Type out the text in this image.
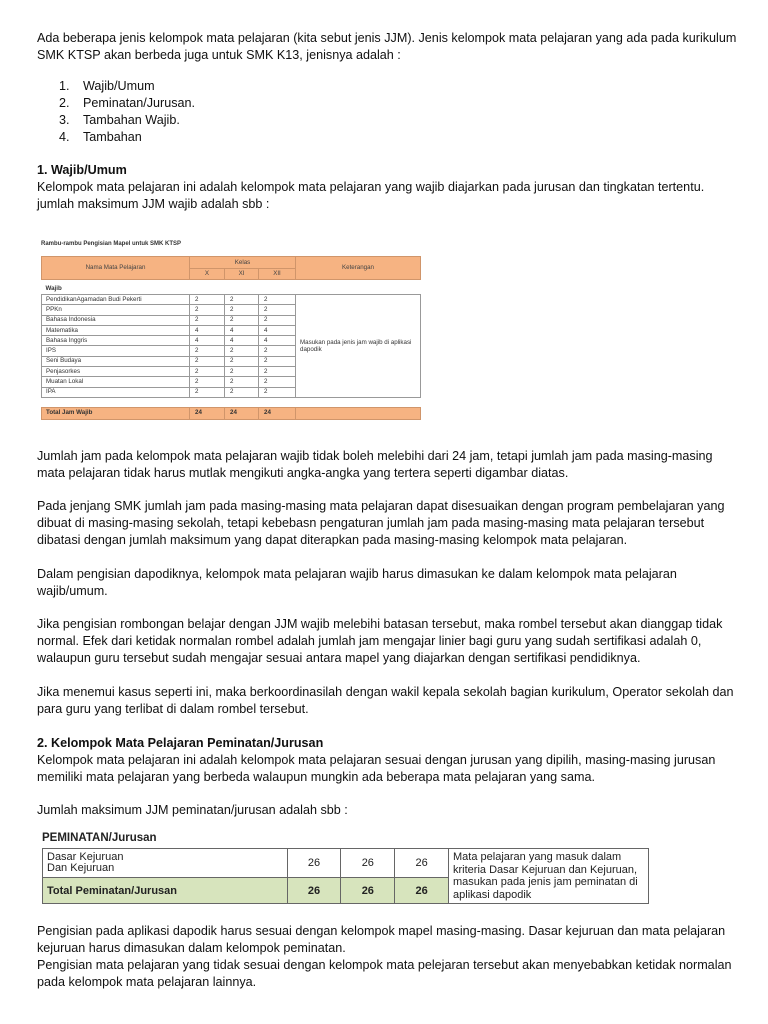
Ada beberapa jenis kelompok mata pelajaran (kita sebut jenis JJM). Jenis kelompok mata pelajaran yang ada pada kurikulum SMK KTSP akan berbeda juga untuk SMK K13, jenisnya adalah :

1.	Wajib/Umum
2.	Peminatan/Jurusan.
3.	Tambahan Wajib.
4.	Tambahan

1. Wajib/Umum

Kelompok mata pelajaran ini adalah kelompok mata pelajaran yang wajib diajarkan pada jurusan dan tingkatan tertentu. jumlah maksimum JJM wajib adalah sbb :

Rambu-rambu Pengisian Mapel untuk SMK KTSP
Nama Mata Pelajaran	Kelas			Keterangan
	X	XI	XII	
Wajib				
PendidikanAgamadan Budi Pekerti	2	2	2	Masukan pada jenis jam wajib di aplikasi dapodik
PPKn	2	2	2	
Bahasa Indonesia	2	2	2	
Matematika	4	4	4	
Bahasa Inggris	4	4	4	
IPS	2	2	2	
Seni Budaya	2	2	2	
Penjasorkes	2	2	2	
Muatan Lokal	2	2	2	
IPA	2	2	2	

Total Jam Wajib	24	24	24	

Jumlah jam pada kelompok mata pelajaran wajib tidak boleh melebihi dari 24 jam, tetapi jumlah jam pada masing-masing mata pelajaran tidak harus mutlak mengikuti angka-angka yang tertera seperti digambar diatas.

Pada jenjang SMK jumlah jam pada masing-masing mata pelajaran dapat disesuaikan dengan program pembelajaran yang dibuat di masing-masing sekolah, tetapi kebebasn pengaturan jumlah jam pada masing-masing mata pelajaran tersebut dibatasi dengan jumlah maksimum yang dapat diterapkan pada masing-masing kelompok mata pelajaran.

Dalam pengisian dapodiknya, kelompok mata pelajaran wajib harus dimasukan ke dalam kelompok mata pelajaran wajib/umum.

Jika pengisian rombongan belajar dengan JJM wajib melebihi batasan tersebut, maka rombel tersebut akan dianggap tidak normal. Efek dari ketidak normalan rombel adalah jumlah jam mengajar linier bagi guru yang sudah sertifikasi adalah 0, walaupun guru tersebut sudah mengajar sesuai antara mapel yang diajarkan dengan sertifikasi pendidiknya.

Jika menemui kasus seperti ini, maka berkoordinasilah dengan wakil kepala sekolah bagian kurikulum, Operator sekolah dan para guru yang terlibat di dalam rombel tersebut.

2. Kelompok Mata Pelajaran Peminatan/Jurusan

Kelompok mata pelajaran ini adalah kelompok mata pelajaran sesuai dengan jurusan yang dipilih, masing-masing jurusan memiliki mata pelajaran yang berbeda walaupun mungkin ada beberapa mata pelajaran yang sama.

Jumlah maksimum JJM peminatan/jurusan adalah sbb :

PEMINATAN/Jurusan
Dasar Kejuruan
Dan Kejuruan	26	26	26	Mata pelajaran yang masuk dalam kriteria Dasar Kejuruan dan Kejuruan, masukan pada jenis jam peminatan di aplikasi dapodik
Total Peminatan/Jurusan	26	26	26	

Pengisian pada aplikasi dapodik harus sesuai dengan kelompok mapel masing-masing. Dasar kejuruan dan mata pelajaran kejuruan harus dimasukan dalam kelompok peminatan.

Pengisian mata pelajaran yang tidak sesuai dengan kelompok mata pelejaran tersebut akan menyebabkan ketidak normalan pada kelompok mata pelajaran lainnya.
